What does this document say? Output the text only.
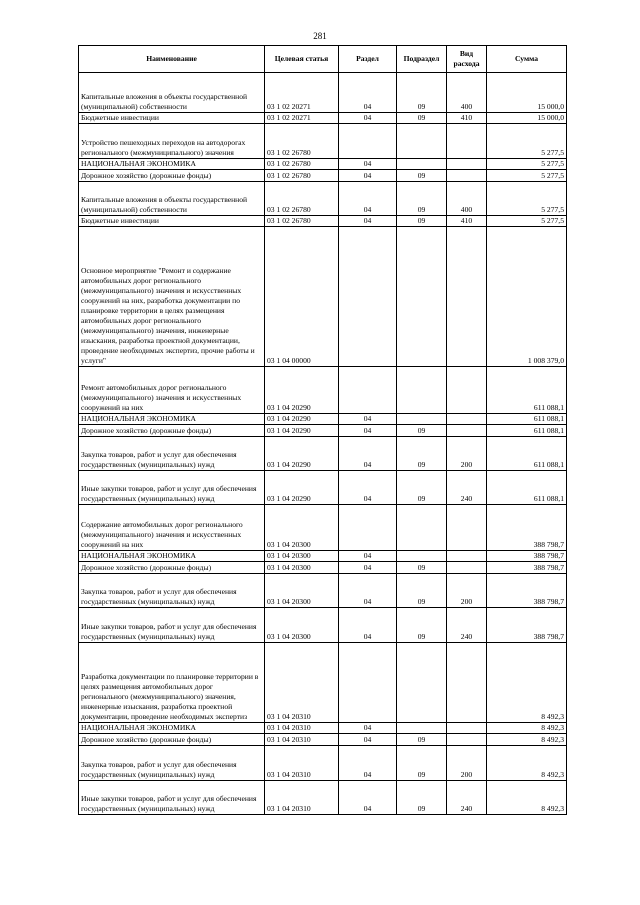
281
Наименование	Целевая статья	Раздел	Подраздел	Вид расхода	Сумма
Капитальные вложения в объекты государственной (муниципальной) собственности	03 1 02 20271	04	09	400	15 000,0
Бюджетные инвестиции	03 1 02 20271	04	09	410	15 000,0
Устройство пешеходных переходов на автодорогах регионального (межмуниципального) значения	03 1 02 26780				5 277,5
НАЦИОНАЛЬНАЯ ЭКОНОМИКА	03 1 02 26780	04			5 277,5
Дорожное хозяйство (дорожные фонды)	03 1 02 26780	04	09		5 277,5
Капитальные вложения в объекты государственной (муниципальной) собственности	03 1 02 26780	04	09	400	5 277,5
Бюджетные инвестиции	03 1 02 26780	04	09	410	5 277,5
Основное мероприятие "Ремонт и содержание автомобильных дорог регионального (межмуниципального) значения и искусственных сооружений на них, разработка документации по планировке территории в целях размещения автомобильных дорог регионального (межмуниципального) значения, инженерные изыскания, разработка проектной документации, проведение необходимых экспертиз, прочие работы и услуги"	03 1 04 00000				1 008 379,0
Ремонт автомобильных дорог регионального (межмуниципального) значения и искусственных сооружений на них	03 1 04 20290				611 088,1
НАЦИОНАЛЬНАЯ ЭКОНОМИКА	03 1 04 20290	04			611 088,1
Дорожное хозяйство (дорожные фонды)	03 1 04 20290	04	09		611 088,1
Закупка товаров, работ и услуг для обеспечения государственных (муниципальных) нужд	03 1 04 20290	04	09	200	611 088,1
Иные закупки товаров, работ и услуг для обеспечения государственных (муниципальных) нужд	03 1 04 20290	04	09	240	611 088,1
Содержание автомобильных дорог регионального (межмуниципального) значения и искусственных сооружений на них	03 1 04 20300				388 798,7
НАЦИОНАЛЬНАЯ ЭКОНОМИКА	03 1 04 20300	04			388 798,7
Дорожное хозяйство (дорожные фонды)	03 1 04 20300	04	09		388 798,7
Закупка товаров, работ и услуг для обеспечения государственных (муниципальных) нужд	03 1 04 20300	04	09	200	388 798,7
Иные закупки товаров, работ и услуг для обеспечения государственных (муниципальных) нужд	03 1 04 20300	04	09	240	388 798,7
Разработка документации по планировке территории в целях размещения автомобильных дорог регионального (межмуниципального) значения, инженерные изыскания, разработка проектной документации, проведение необходимых экспертиз	03 1 04 20310				8 492,3
НАЦИОНАЛЬНАЯ ЭКОНОМИКА	03 1 04 20310	04			8 492,3
Дорожное хозяйство (дорожные фонды)	03 1 04 20310	04	09		8 492,3
Закупка товаров, работ и услуг для обеспечения государственных (муниципальных) нужд	03 1 04 20310	04	09	200	8 492,3
Иные закупки товаров, работ и услуг для обеспечения государственных (муниципальных) нужд	03 1 04 20310	04	09	240	8 492,3
